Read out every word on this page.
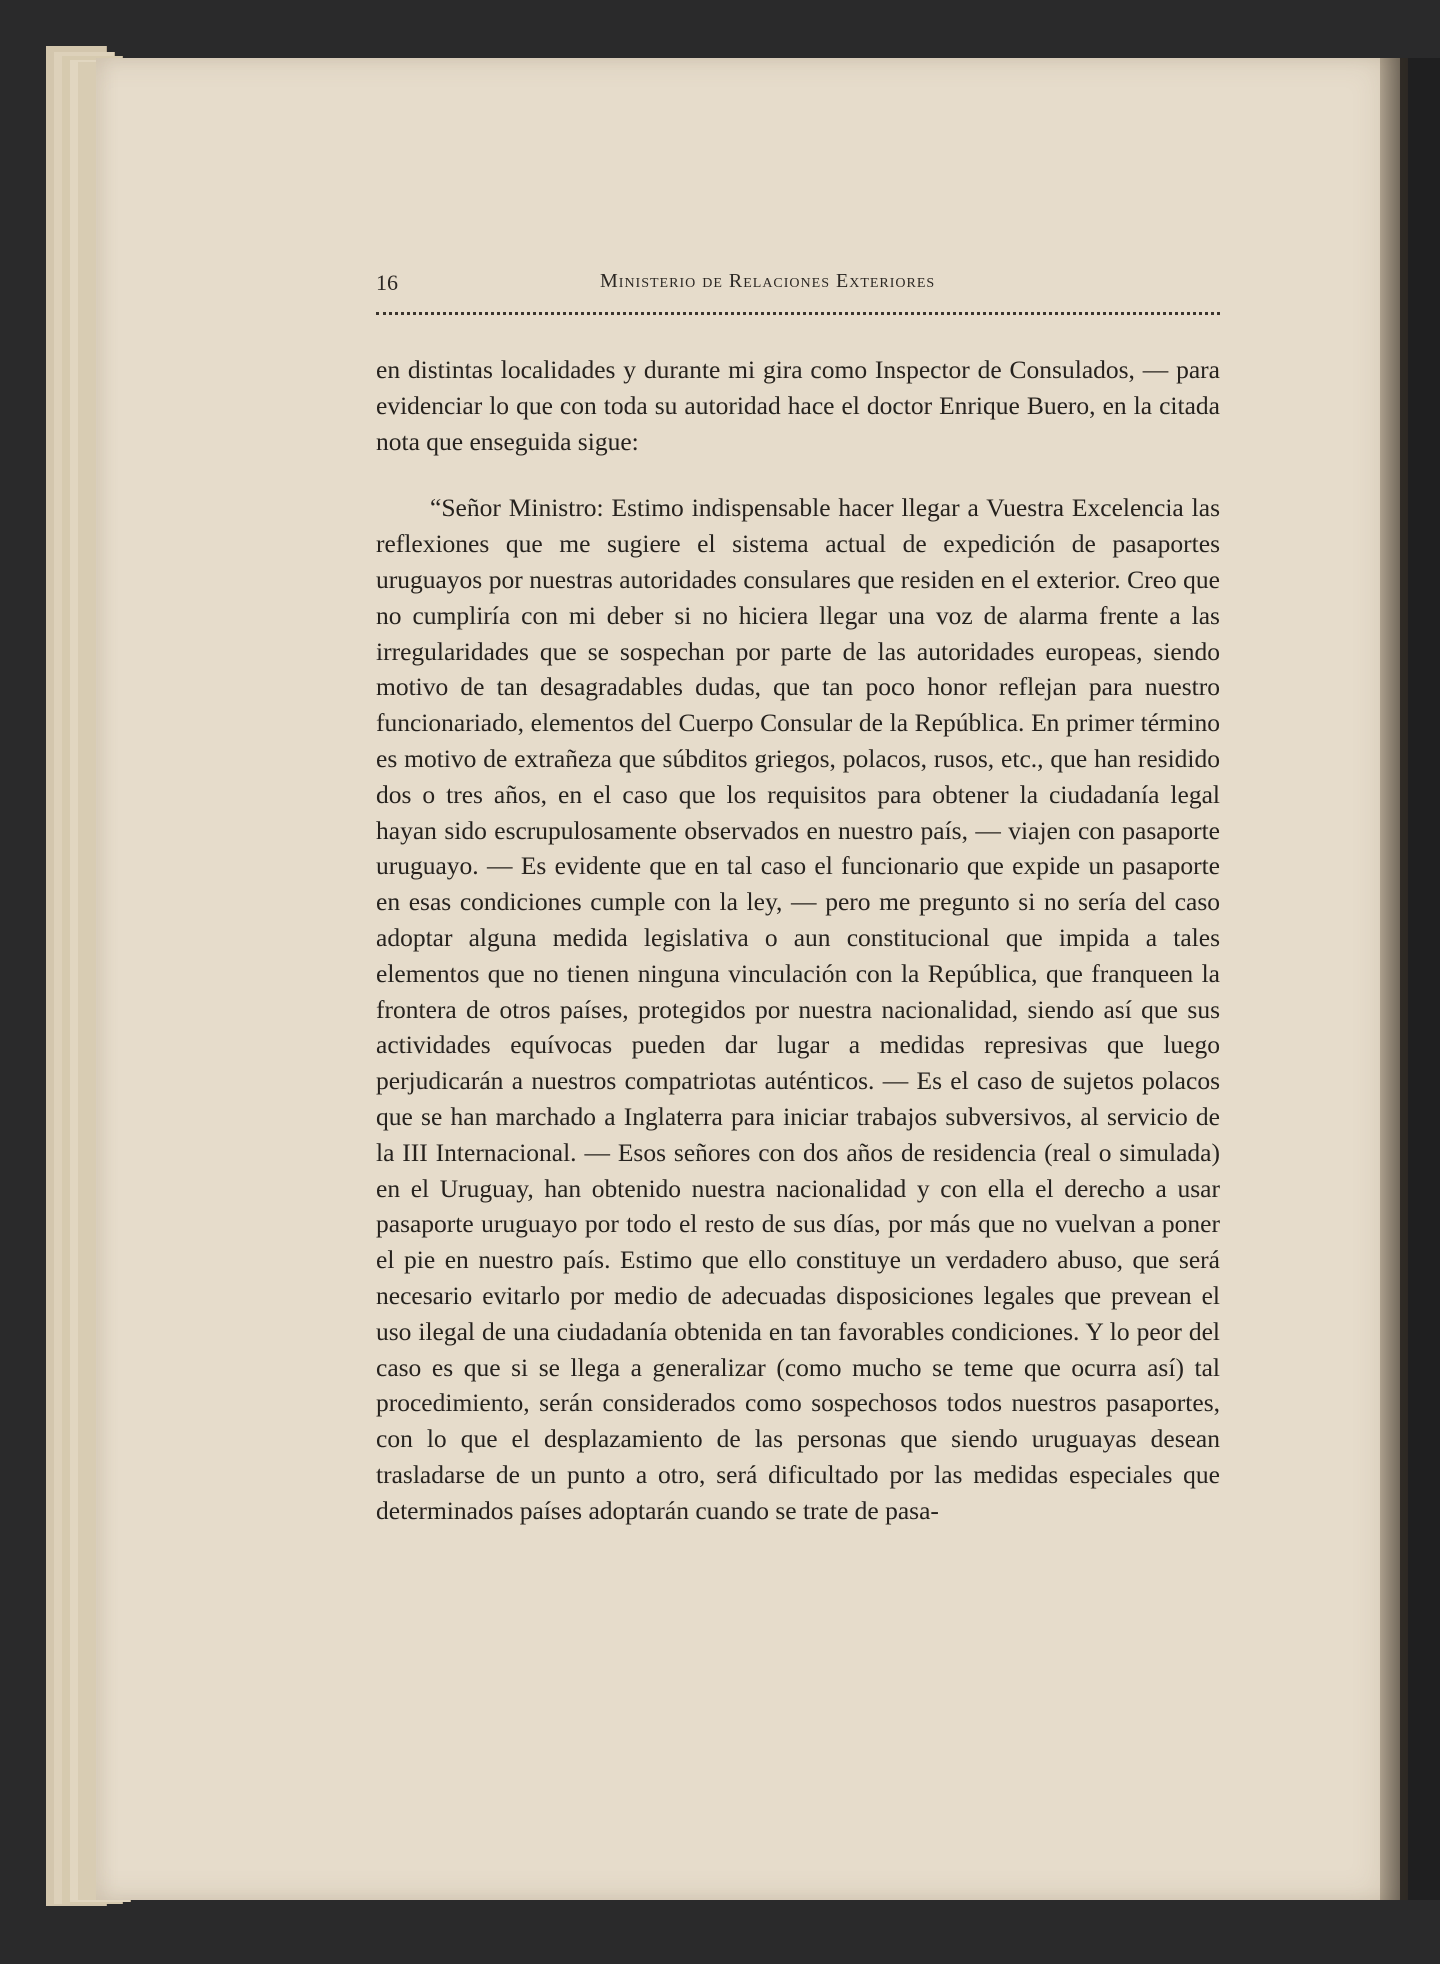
16	Ministerio de Relaciones Exteriores

en distintas localidades y durante mi gira como Inspector de Consulados, — para evidenciar lo que con toda su autoridad hace el doctor Enrique Buero, en la citada nota que enseguida sigue:

“Señor Ministro: Estimo indispensable hacer llegar a Vuestra Excelencia las reflexiones que me sugiere el sistema actual de expedición de pasaportes uruguayos por nuestras autoridades consulares que residen en el exterior. Creo que no cumpliría con mi deber si no hiciera llegar una voz de alarma frente a las irregularidades que se sospechan por parte de las autoridades europeas, siendo motivo de tan desagradables dudas, que tan poco honor reflejan para nuestro funcionariado, elementos del Cuerpo Consular de la República. En primer término es motivo de extrañeza que súbditos griegos, polacos, rusos, etc., que han residido dos o tres años, en el caso que los requisitos para obtener la ciudadanía legal hayan sido escrupulosamente observados en nuestro país, — viajen con pasaporte uruguayo. — Es evidente que en tal caso el funcionario que expide un pasaporte en esas condiciones cumple con la ley, — pero me pregunto si no sería del caso adoptar alguna medida legislativa o aun constitucional que impida a tales elementos que no tienen ninguna vinculación con la República, que franqueen la frontera de otros países, protegidos por nuestra nacionalidad, siendo así que sus actividades equívocas pueden dar lugar a medidas represivas que luego perjudicarán a nuestros compatriotas auténticos. — Es el caso de sujetos polacos que se han marchado a Inglaterra para iniciar trabajos subversivos, al servicio de la III Internacional. — Esos señores con dos años de residencia (real o simulada) en el Uruguay, han obtenido nuestra nacionalidad y con ella el derecho a usar pasaporte uruguayo por todo el resto de sus días, por más que no vuelvan a poner el pie en nuestro país. Estimo que ello constituye un verdadero abuso, que será necesario evitarlo por medio de adecuadas disposiciones legales que prevean el uso ilegal de una ciudadanía obtenida en tan favorables condiciones. Y lo peor del caso es que si se llega a generalizar (como mucho se teme que ocurra así) tal procedimiento, serán considerados como sospechosos todos nuestros pasaportes, con lo que el desplazamiento de las personas que siendo uruguayas desean trasladarse de un punto a otro, será dificultado por las medidas especiales que determinados países adoptarán cuando se trate de pasa-
